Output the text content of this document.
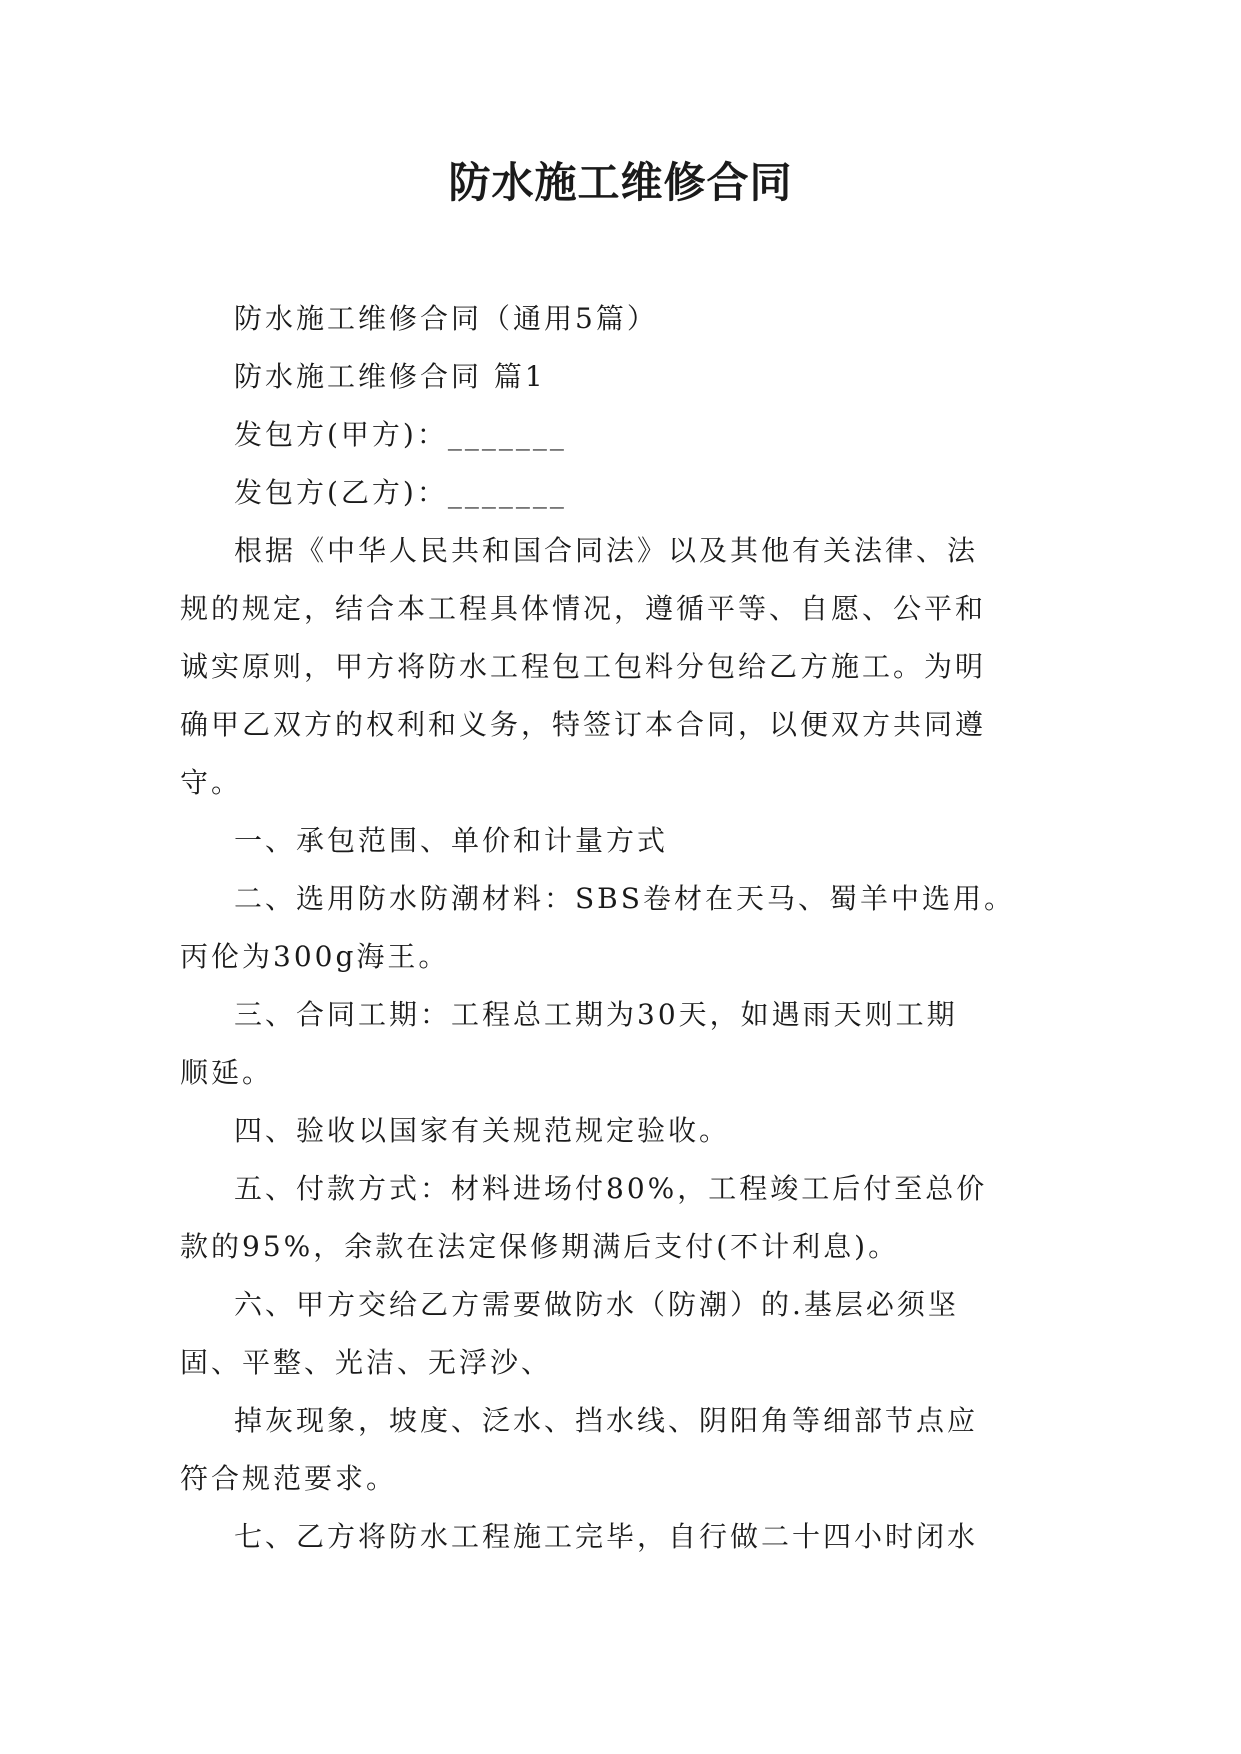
防水施工维修合同
防水施工维修合同（通用5篇）
防水施工维修合同 篇1
发包方(甲方)：_______
发包方(乙方)：_______
根据《中华人民共和国合同法》以及其他有关法律、法
规的规定，结合本工程具体情况，遵循平等、自愿、公平和
诚实原则，甲方将防水工程包工包料分包给乙方施工。为明
确甲乙双方的权利和义务，特签订本合同，以便双方共同遵
守。
一、承包范围、单价和计量方式
二、选用防水防潮材料：SBS卷材在天马、蜀羊中选用。
丙伦为300g海王。
三、合同工期：工程总工期为30天，如遇雨天则工期
顺延。
四、验收以国家有关规范规定验收。
五、付款方式：材料进场付80%，工程竣工后付至总价
款的95%，余款在法定保修期满后支付(不计利息)。
六、甲方交给乙方需要做防水（防潮）的.基层必须坚
固、平整、光洁、无浮沙、
掉灰现象，坡度、泛水、挡水线、阴阳角等细部节点应
符合规范要求。
七、乙方将防水工程施工完毕，自行做二十四小时闭水
